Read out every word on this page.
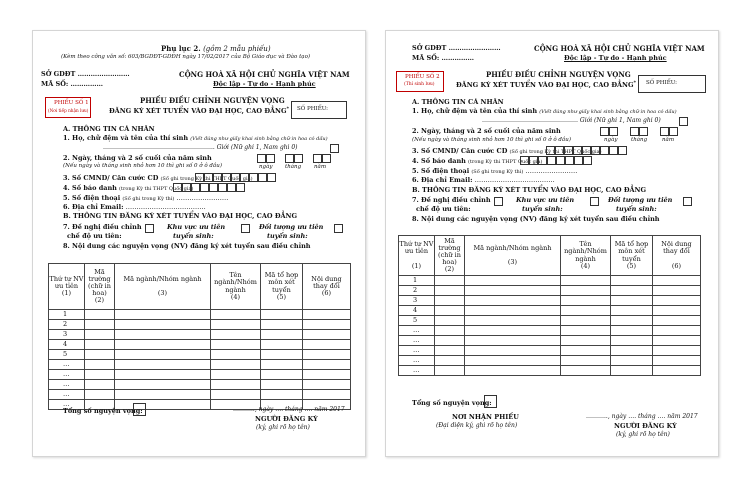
Phụ lục 2. (gồm 2 mẫu phiếu)
(Kèm theo công văn số: 603/BGDĐT-GDĐH ngày 17/02/2017 của Bộ Giáo dục và Đào tạo)
SỞ GDĐT ……………………
MÃ SỐ: ……………
CỘNG HOÀ XÃ HỘI CHỦ NGHĨA VIỆT NAM
Độc lập - Tự do - Hạnh phúc
PHIẾU SỐ 1
(Nơi tiếp nhận lưu)
PHIẾU ĐIỀU CHỈNH NGUYỆN VỌNG
ĐĂNG KÝ XÉT TUYỂN VÀO ĐẠI HỌC, CAO ĐẲNG* SỐ PHIẾU:
A. THÔNG TIN CÁ NHÂN
1. Họ, chữ đệm và tên của thí sinh (Viết đúng như giấy khai sinh bằng chữ in hoa có dấu)
……………………………………………….. Giới (Nữ ghi 1, Nam ghi 0)
2. Ngày, tháng và 2 số cuối của năm sinh
(Nếu ngày và tháng sinh nhỏ hơn 10 thì ghi số 0 ở ô đầu)	ngày tháng năm
3. Số CMND/ Căn cước CD (Số ghi trong Kỳ thi THPT Quốc gia)
4. Số báo danh (trong Kỳ thi THPT Quốc gia)
5. Số điện thoại (Số ghi trong Kỳ thi) ……………………
6. Địa chỉ Email: ……………………………….
B. THÔNG TIN ĐĂNG KÝ XÉT TUYỂN VÀO ĐẠI HỌC, CAO ĐẲNG
7. Đề nghị điều chỉnh
chế độ ưu tiên:
Khu vực ưu tiên
tuyển sinh:
Đối tượng ưu tiên
tuyển sinh:
8. Nội dung các nguyện vọng (NV) đăng ký xét tuyển sau điều chỉnh
Thứ tự NV
ưu tiên
(1)	Mã trường
(chữ in
hoa)
(2)	Mã ngành/Nhóm ngành

(3)	Tên
ngành/Nhóm
ngành
(4)	Mã tổ hợp
môn xét
tuyển
(5)	Nội dung
thay đổi
(6)
1					
2					
3					
4					
5					
…					
…					
…					
…					
…					
Tổng số nguyện vọng:	……….., ngày …. tháng …. năm 2017
NGƯỜI ĐĂNG KÝ
(ký, ghi rõ họ tên)
SỞ GDĐT ……………………
MÃ SỐ: ……………
CỘNG HOÀ XÃ HỘI CHỦ NGHĨA VIỆT NAM
Độc lập - Tự do - Hạnh phúc
PHIẾU SỐ 2
(Thí sinh lưu)
PHIẾU ĐIỀU CHỈNH NGUYỆN VỌNG
ĐĂNG KÝ XÉT TUYỂN VÀO ĐẠI HỌC, CAO ĐẲNG* SỐ PHIẾU:
A. THÔNG TIN CÁ NHÂN
1. Họ, chữ đệm và tên của thí sinh (Viết đúng như giấy khai sinh bằng chữ in hoa có dấu)
………………………………………… Giới (Nữ ghi 1, Nam ghi 0)
2. Ngày, tháng và 2 số cuối của năm sinh
(Nếu ngày và tháng sinh nhỏ hơn 10 thì ghi số 0 ở ô đầu)	ngày tháng	năm
3. Số CMND/ Căn cước CD (Số ghi trong Kỳ thi THPT Quốc gia)
4. Số báo danh (trong Kỳ thi THPT Quốc gia)
5. Số điện thoại (Số ghi trong Kỳ thi) ……………………
6. Địa chỉ Email: ……………………………….
B. THÔNG TIN ĐĂNG KÝ XÉT TUYỂN VÀO ĐẠI HỌC, CAO ĐẲNG
7. Đề nghị điều chỉnh
chế độ ưu tiên:
Khu vực ưu tiên
tuyển sinh:
Đối tượng ưu tiên
tuyển sinh:
8. Nội dung các nguyện vọng (NV) đăng ký xét tuyển sau điều chỉnh
Thứ tự NV
ưu tiên

(1)	Mã trường
(chữ in
hoa)
(2)	Mã ngành/Nhóm ngành

(3)	Tên
ngành/Nhóm
ngành
(4)	Mã tổ hợp
môn xét
tuyển
(5)	Nội dung
thay đổi

(6)
1					
2					
3					
4					
5					
…					
…					
…					
…					
…					
Tổng số nguyện vọng:
NƠI NHẬN PHIẾU
(Đại diện ký, ghi rõ họ tên)
……….., ngày …. tháng …. năm 2017
NGƯỜI ĐĂNG KÝ
(ký, ghi rõ họ tên)
